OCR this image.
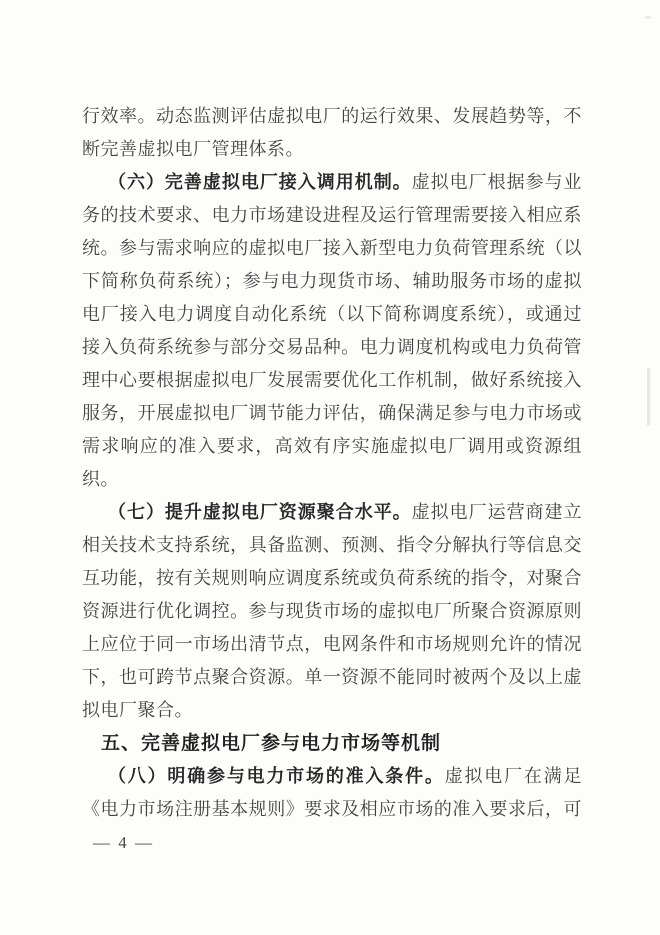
行效率。动态监测评估虚拟电厂的运行效果、发展趋势等，不
断完善虚拟电厂管理体系。
（六）完善虚拟电厂接入调用机制。虚拟电厂根据参与业
务的技术要求、电力市场建设进程及运行管理需要接入相应系
统。参与需求响应的虚拟电厂接入新型电力负荷管理系统（以
下简称负荷系统）；参与电力现货市场、辅助服务市场的虚拟
电厂接入电力调度自动化系统（以下简称调度系统），或通过
接入负荷系统参与部分交易品种。电力调度机构或电力负荷管
理中心要根据虚拟电厂发展需要优化工作机制，做好系统接入
服务，开展虚拟电厂调节能力评估，确保满足参与电力市场或
需求响应的准入要求，高效有序实施虚拟电厂调用或资源组
织。
（七）提升虚拟电厂资源聚合水平。虚拟电厂运营商建立
相关技术支持系统，具备监测、预测、指令分解执行等信息交
互功能，按有关规则响应调度系统或负荷系统的指令，对聚合
资源进行优化调控。参与现货市场的虚拟电厂所聚合资源原则
上应位于同一市场出清节点，电网条件和市场规则允许的情况
下，也可跨节点聚合资源。单一资源不能同时被两个及以上虚
拟电厂聚合。
五、完善虚拟电厂参与电力市场等机制
（八）明确参与电力市场的准入条件。虚拟电厂在满足
《电力市场注册基本规则》要求及相应市场的准入要求后，可
— 4 —
